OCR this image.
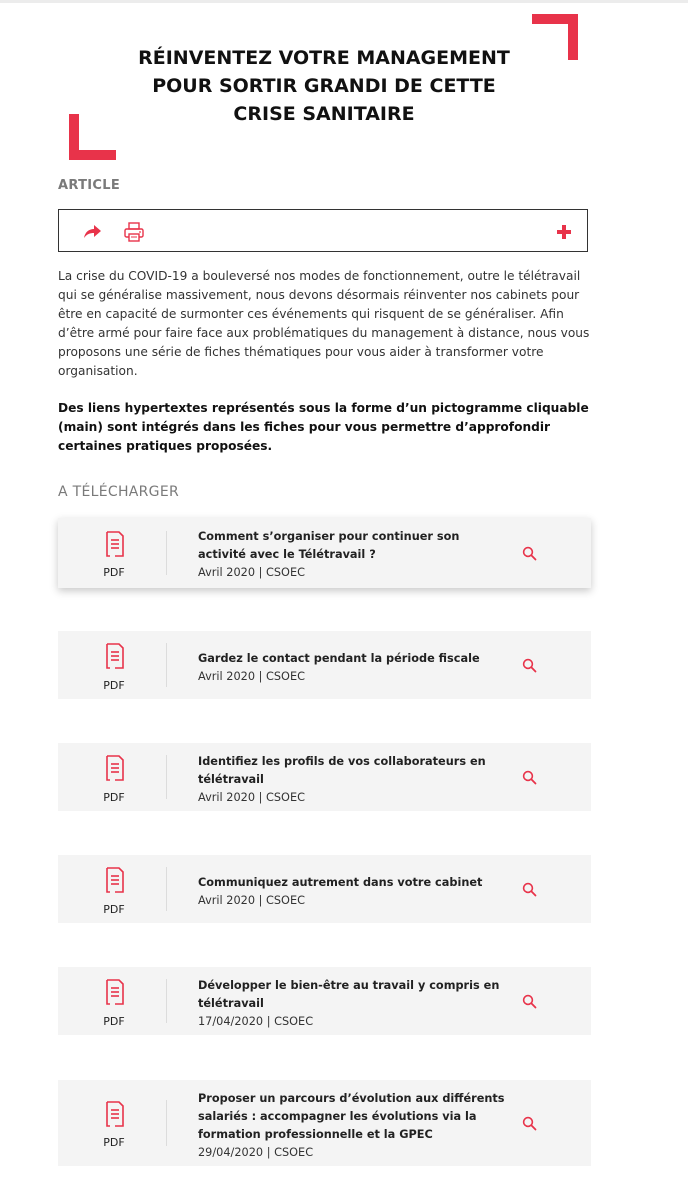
RÉINVENTEZ VOTRE MANAGEMENT
POUR SORTIR GRANDI DE CETTE
CRISE SANITAIRE
ARTICLE

La crise du COVID-19 a bouleversé nos modes de fonctionnement, outre le télétravail qui se généralise massivement, nous devons désormais réinventer nos cabinets pour être en capacité de surmonter ces événements qui risquent de se généraliser. Afin d’être armé pour faire face aux problématiques du management à distance, nous vous proposons une série de fiches thématiques pour vous aider à transformer votre organisation.

Des liens hypertextes représentés sous la forme d’un pictogramme cliquable (main) sont intégrés dans les fiches pour vous permettre d’approfondir certaines pratiques proposées.

A TÉLÉCHARGER
PDF
Comment s’organiser pour continuer son activité avec le Télétravail ?
Avril 2020 | CSOEC
PDF
Gardez le contact pendant la période fiscale
Avril 2020 | CSOEC
PDF
Identifiez les profils de vos collaborateurs en télétravail
Avril 2020 | CSOEC
PDF
Communiquez autrement dans votre cabinet
Avril 2020 | CSOEC
PDF
Développer le bien-être au travail y compris en télétravail
17/04/2020 | CSOEC
PDF
Proposer un parcours d’évolution aux différents salariés : accompagner les évolutions via la formation professionnelle et la GPEC
29/04/2020 | CSOEC
